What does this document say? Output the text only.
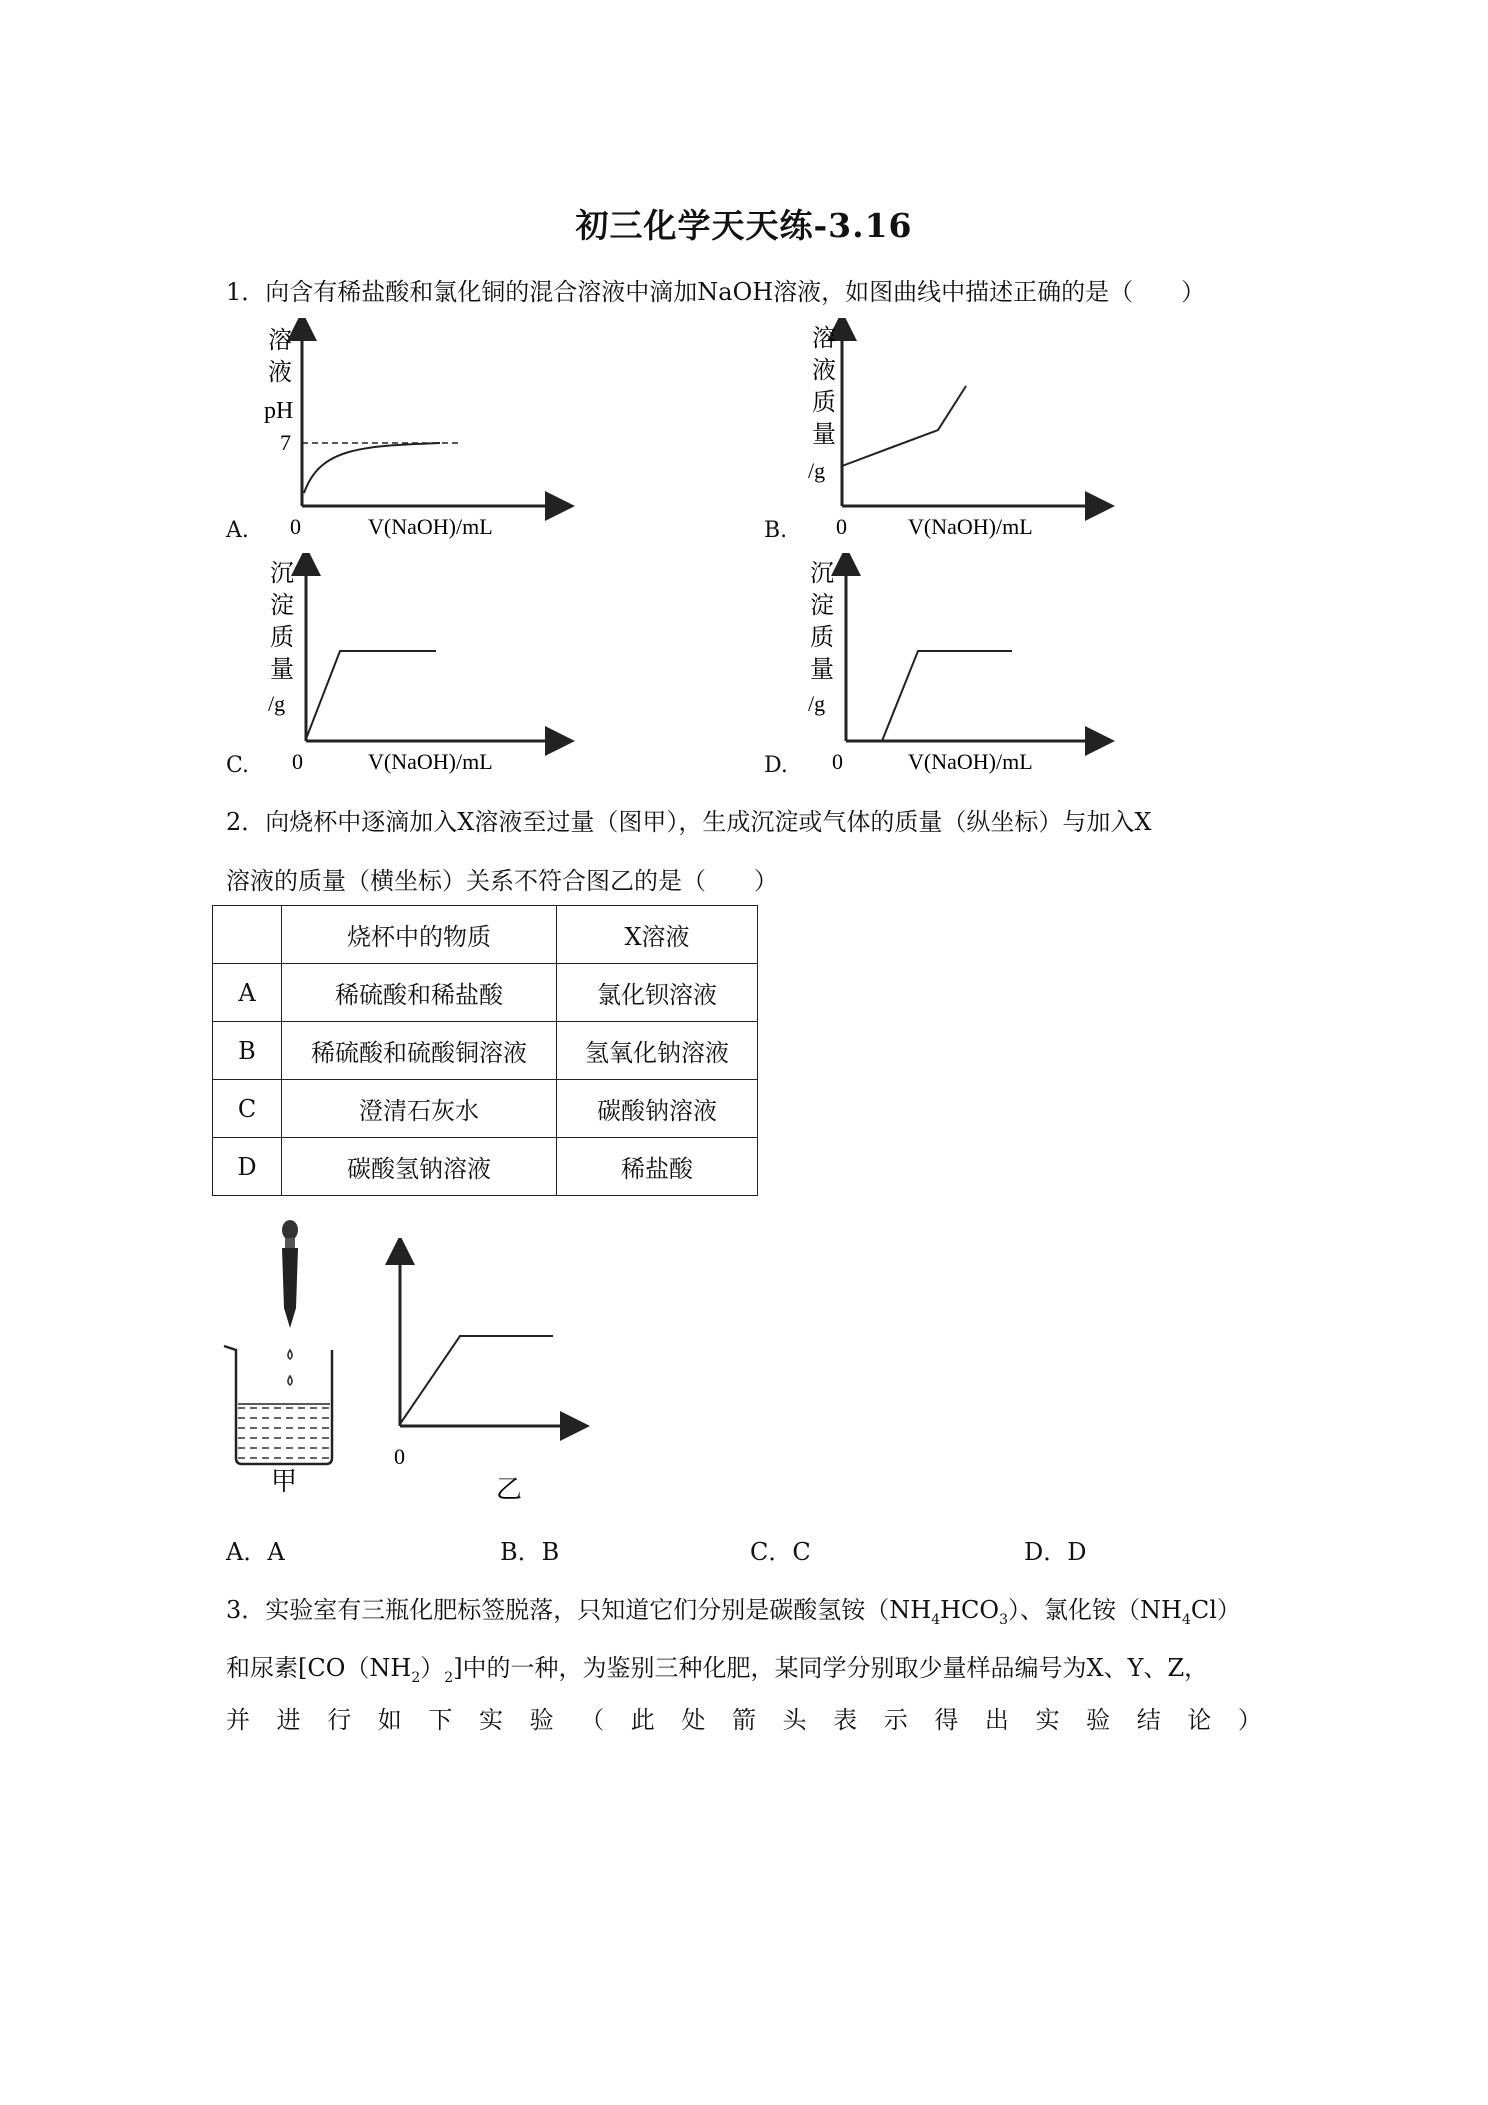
初三化学天天练-3.16
1．向含有稀盐酸和氯化铜的混合溶液中滴加NaOH溶液，如图曲线中描述正确的是（　　）
A.
溶
液
pH
7
0	V(NaOH)/mL	B.
溶
液
质
量
/g
0	V(NaOH)/mL
C.
沉
淀
质
量
/g
0	V(NaOH)/mL	D.
沉
淀
质
量
/g
0	V(NaOH)/mL
2．向烧杯中逐滴加入X溶液至过量（图甲），生成沉淀或气体的质量（纵坐标）与加入X
溶液的质量（横坐标）关系不符合图乙的是（　　）
	烧杯中的物质	X溶液
A	稀硫酸和稀盐酸	氯化钡溶液
B	稀硫酸和硫酸铜溶液	氢氧化钠溶液
C	澄清石灰水	碳酸钠溶液
D	碳酸氢钠溶液	稀盐酸
甲
0
乙
A．A	B．B	C．C	D．D
3．实验室有三瓶化肥标签脱落，只知道它们分别是碳酸氢铵$(NH_4HCO_3)$、氯化铵$(NH_4Cl)$
和尿素$[CO(NH_2)_2]$中的一种，为鉴别三种化肥，某同学分别取少量样品编号为X、Y、Z，
并 进 行 如 下 实 验 （ 此 处 箭 头 表 示 得 出 实 验 结 论 ）
